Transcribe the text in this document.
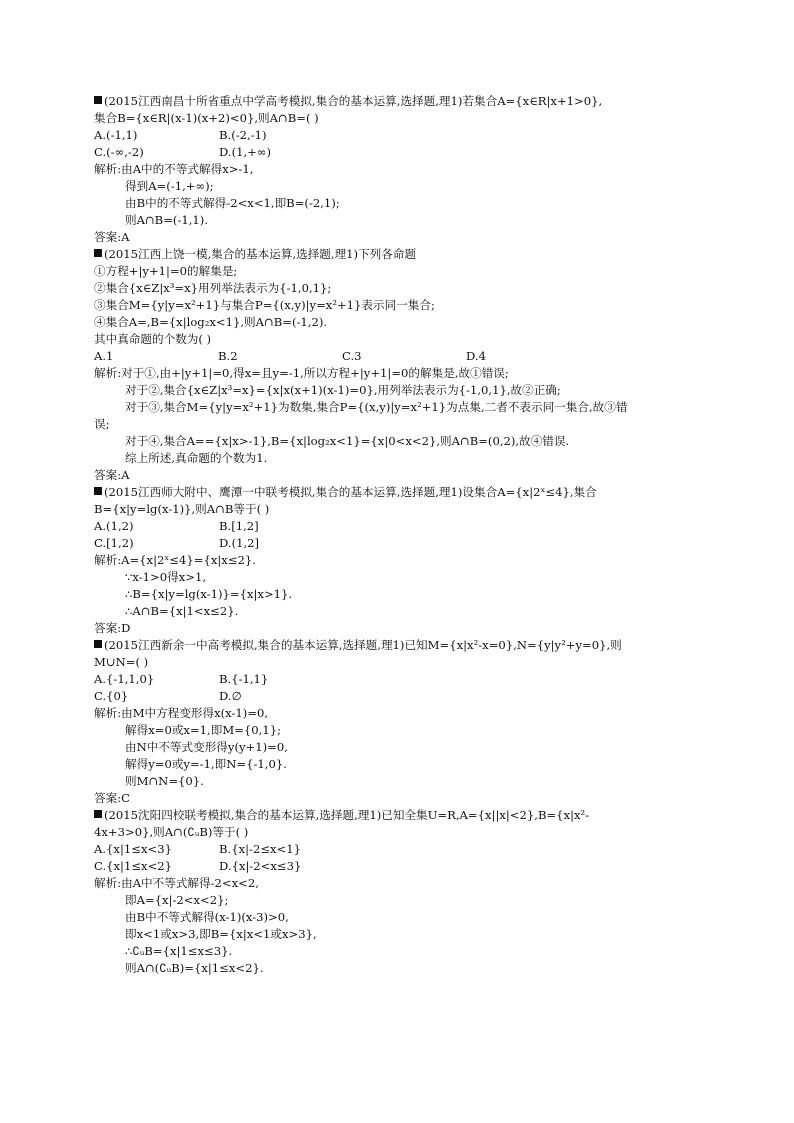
(2015江西南昌十所省重点中学高考模拟,集合的基本运算,选择题,理1)若集合A={x∈R|x+1>0},

集合B={x∈R|(x-1)(x+2)<0},则A∩B=( )

A.(-1,1)	B.(-2,-1)
C.(-∞,-2)	D.(1,+∞)

解析:由A中的不等式解得x>-1,

得到A=(-1,+∞);

由B中的不等式解得-2<x<1,即B=(-2,1);

则A∩B=(-1,1).

答案:A

(2015江西上饶一模,集合的基本运算,选择题,理1)下列各命题

①方程+|y+1|=0的解集是;

②集合{x∈Z|x³=x}用列举法表示为{-1,0,1};

③集合M={y|y=x²+1}与集合P={(x,y)|y=x²+1}表示同一集合;

④集合A=,B={x|log₂x<1},则A∩B=(-1,2).

其中真命题的个数为( )

A.1	B.2	C.3	D.4

解析:对于①,由+|y+1|=0,得x=且y=-1,所以方程+|y+1|=0的解集是,故①错误;

对于②,集合{x∈Z|x³=x}={x|x(x+1)(x-1)=0},用列举法表示为{-1,0,1},故②正确;

对于③,集合M={y|y=x²+1}为数集,集合P={(x,y)|y=x²+1}为点集,二者不表示同一集合,故③错

误;

对于④,集合A=={x|x>-1},B={x|log₂x<1}={x|0<x<2},则A∩B=(0,2),故④错误.

综上所述,真命题的个数为1.

答案:A

(2015江西师大附中、鹰潭一中联考模拟,集合的基本运算,选择题,理1)设集合A={x|2ˣ≤4},集合

B={x|y=lg(x-1)},则A∩B等于( )

A.(1,2)	B.[1,2]
C.[1,2)	D.(1,2]

解析:A={x|2ˣ≤4}={x|x≤2}.

∵x-1>0得x>1,

∴B={x|y=lg(x-1)}={x|x>1}.

∴A∩B={x|1<x≤2}.

答案:D

(2015江西新余一中高考模拟,集合的基本运算,选择题,理1)已知M={x|x²-x=0},N={y|y²+y=0},则

M∪N=( )

A.{-1,1,0}	B.{-1,1}
C.{0}	D.∅

解析:由M中方程变形得x(x-1)=0,

解得x=0或x=1,即M={0,1};

由N中不等式变形得y(y+1)=0,

解得y=0或y=-1,即N={-1,0}.

则M∩N={0}.

答案:C

(2015沈阳四校联考模拟,集合的基本运算,选择题,理1)已知全集U=R,A={x||x|<2},B={x|x²-

4x+3>0},则A∩(∁ᵤB)等于( )

A.{x|1≤x<3}	B.{x|-2≤x<1}
C.{x|1≤x<2}	D.{x|-2<x≤3}

解析:由A中不等式解得-2<x<2,

即A={x|-2<x<2};

由B中不等式解得(x-1)(x-3)>0,

即x<1或x>3,即B={x|x<1或x>3},

∴∁ᵤB={x|1≤x≤3}.

则A∩(∁ᵤB)={x|1≤x<2}.
